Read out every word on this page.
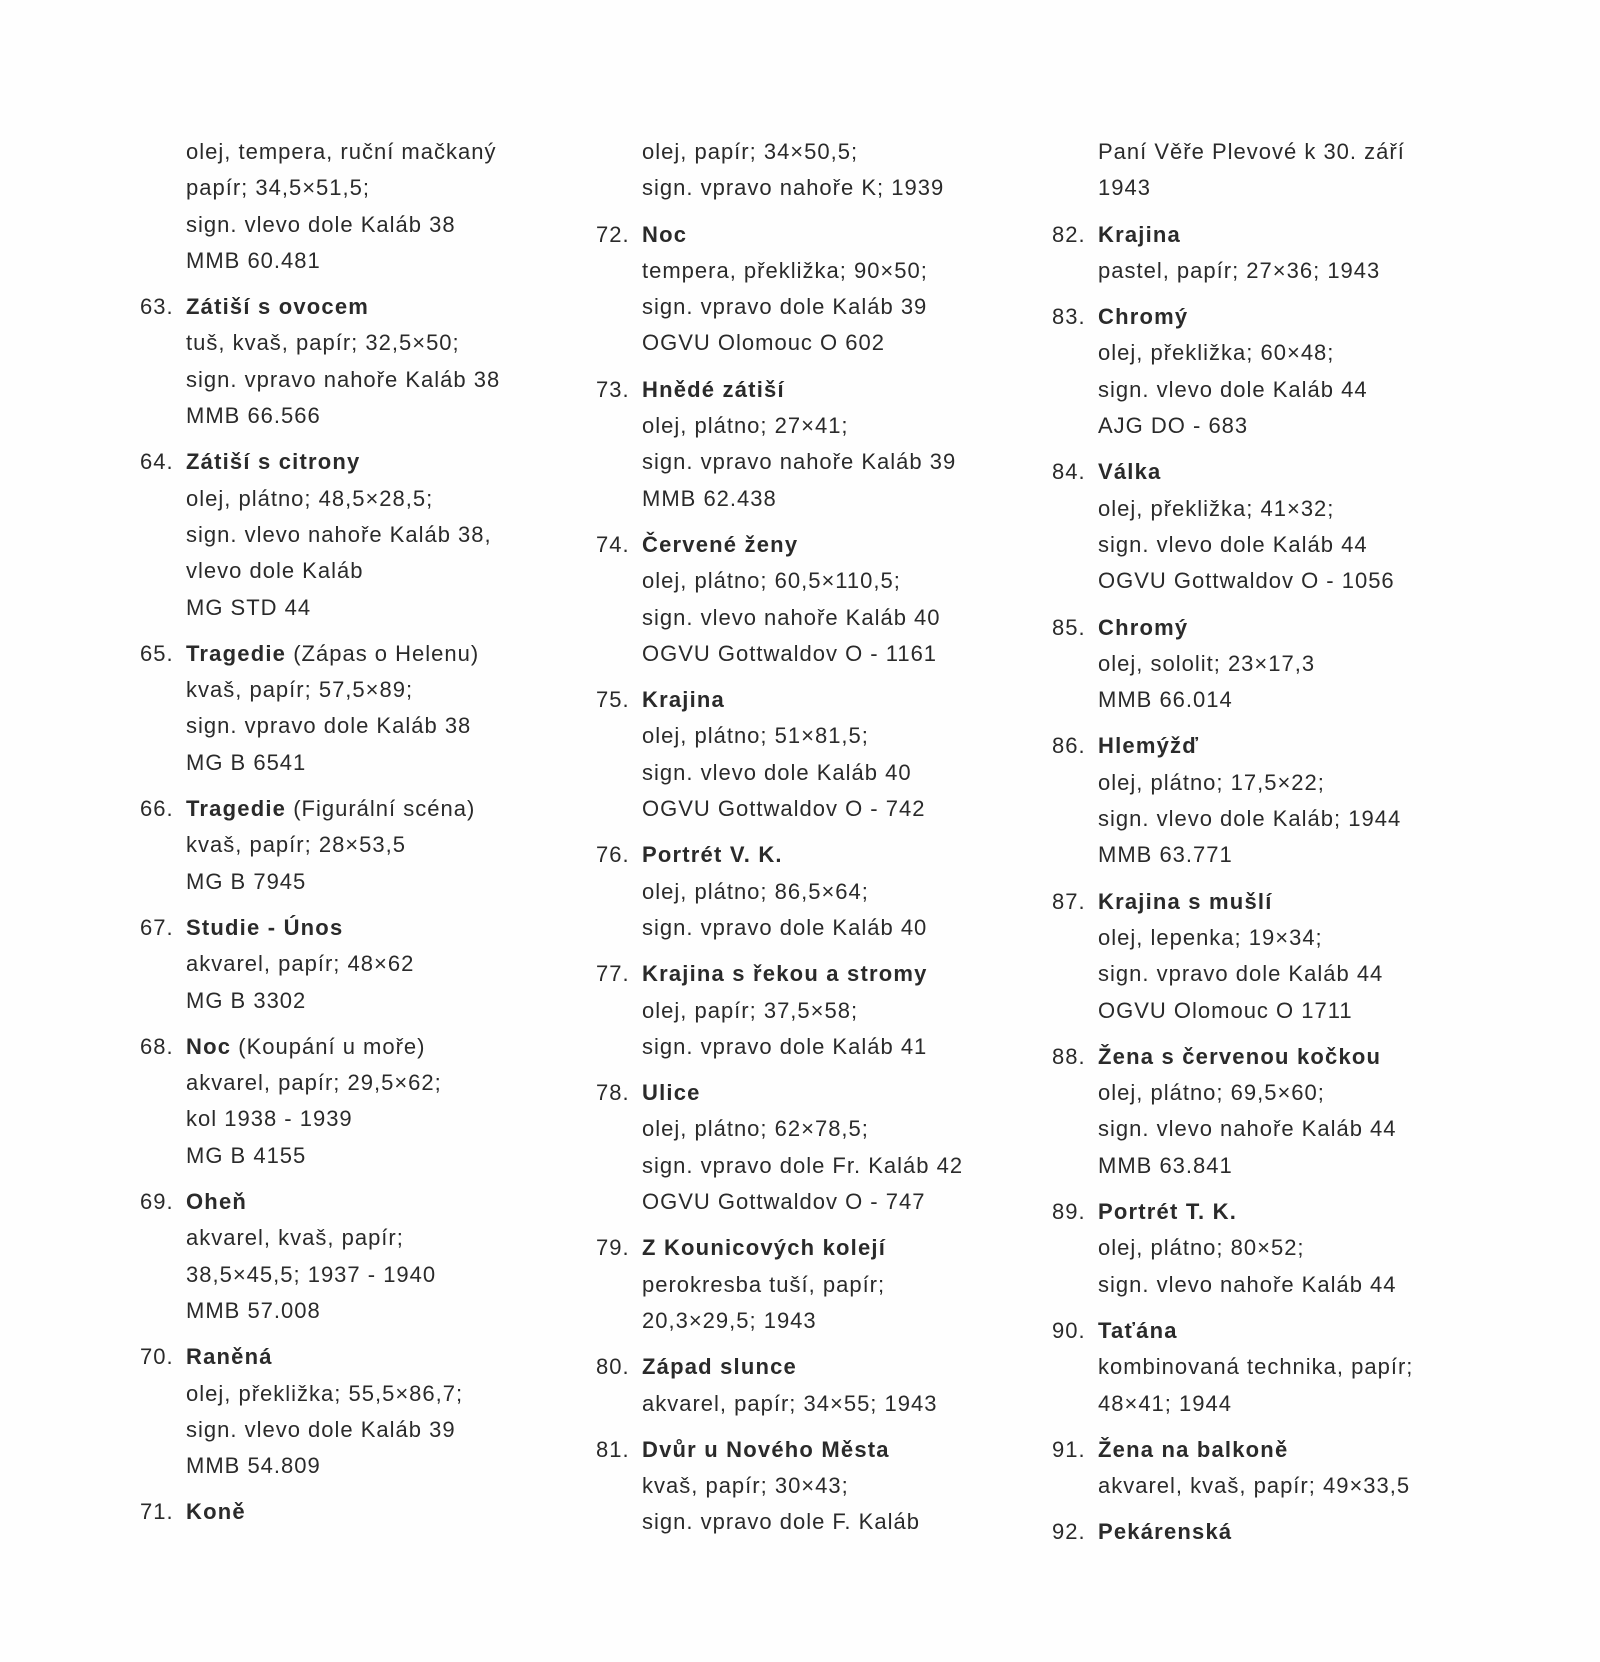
olej, tempera, ruční mačkaný
papír; 34,5×51,5;
sign. vlevo dole Kaláb 38
MMB 60.481
63. Zátiší s ovocem
tuš, kvaš, papír; 32,5×50;
sign. vpravo nahoře Kaláb 38
MMB 66.566
64. Zátiší s citrony
olej, plátno; 48,5×28,5;
sign. vlevo nahoře Kaláb 38,
vlevo dole Kaláb
MG STD 44
65. Tragedie (Zápas o Helenu)
kvaš, papír; 57,5×89;
sign. vpravo dole Kaláb 38
MG B 6541
66. Tragedie (Figurální scéna)
kvaš, papír; 28×53,5
MG B 7945
67. Studie - Únos
akvarel, papír; 48×62
MG B 3302
68. Noc (Koupání u moře)
akvarel, papír; 29,5×62;
kol 1938 - 1939
MG B 4155
69. Oheň
akvarel, kvaš, papír;
38,5×45,5; 1937 - 1940
MMB 57.008
70. Raněná
olej, překližka; 55,5×86,7;
sign. vlevo dole Kaláb 39
MMB 54.809
71. Koně
olej, papír; 34×50,5;
sign. vpravo nahoře K; 1939
72. Noc
tempera, překližka; 90×50;
sign. vpravo dole Kaláb 39
OGVU Olomouc O 602
73. Hnědé zátiší
olej, plátno; 27×41;
sign. vpravo nahoře Kaláb 39
MMB 62.438
74. Červené ženy
olej, plátno; 60,5×110,5;
sign. vlevo nahoře Kaláb 40
OGVU Gottwaldov O - 1161
75. Krajina
olej, plátno; 51×81,5;
sign. vlevo dole Kaláb 40
OGVU Gottwaldov O - 742
76. Portrét V. K.
olej, plátno; 86,5×64;
sign. vpravo dole Kaláb 40
77. Krajina s řekou a stromy
olej, papír; 37,5×58;
sign. vpravo dole Kaláb 41
78. Ulice
olej, plátno; 62×78,5;
sign. vpravo dole Fr. Kaláb 42
OGVU Gottwaldov O - 747
79. Z Kounicových kolejí
perokresba tuší, papír;
20,3×29,5; 1943
80. Západ slunce
akvarel, papír; 34×55; 1943
81. Dvůr u Nového Města
kvaš, papír; 30×43;
sign. vpravo dole F. Kaláb
Paní Věře Plevové k 30. září
1943
82. Krajina
pastel, papír; 27×36; 1943
83. Chromý
olej, překližka; 60×48;
sign. vlevo dole Kaláb 44
AJG DO - 683
84. Válka
olej, překližka; 41×32;
sign. vlevo dole Kaláb 44
OGVU Gottwaldov O - 1056
85. Chromý
olej, sololit; 23×17,3
MMB 66.014
86. Hlemýžď
olej, plátno; 17,5×22;
sign. vlevo dole Kaláb; 1944
MMB 63.771
87. Krajina s mušlí
olej, lepenka; 19×34;
sign. vpravo dole Kaláb 44
OGVU Olomouc O 1711
88. Žena s červenou kočkou
olej, plátno; 69,5×60;
sign. vlevo nahoře Kaláb 44
MMB 63.841
89. Portrét T. K.
olej, plátno; 80×52;
sign. vlevo nahoře Kaláb 44
90. Taťána
kombinovaná technika, papír;
48×41; 1944
91. Žena na balkoně
akvarel, kvaš, papír; 49×33,5
92. Pekárenská
